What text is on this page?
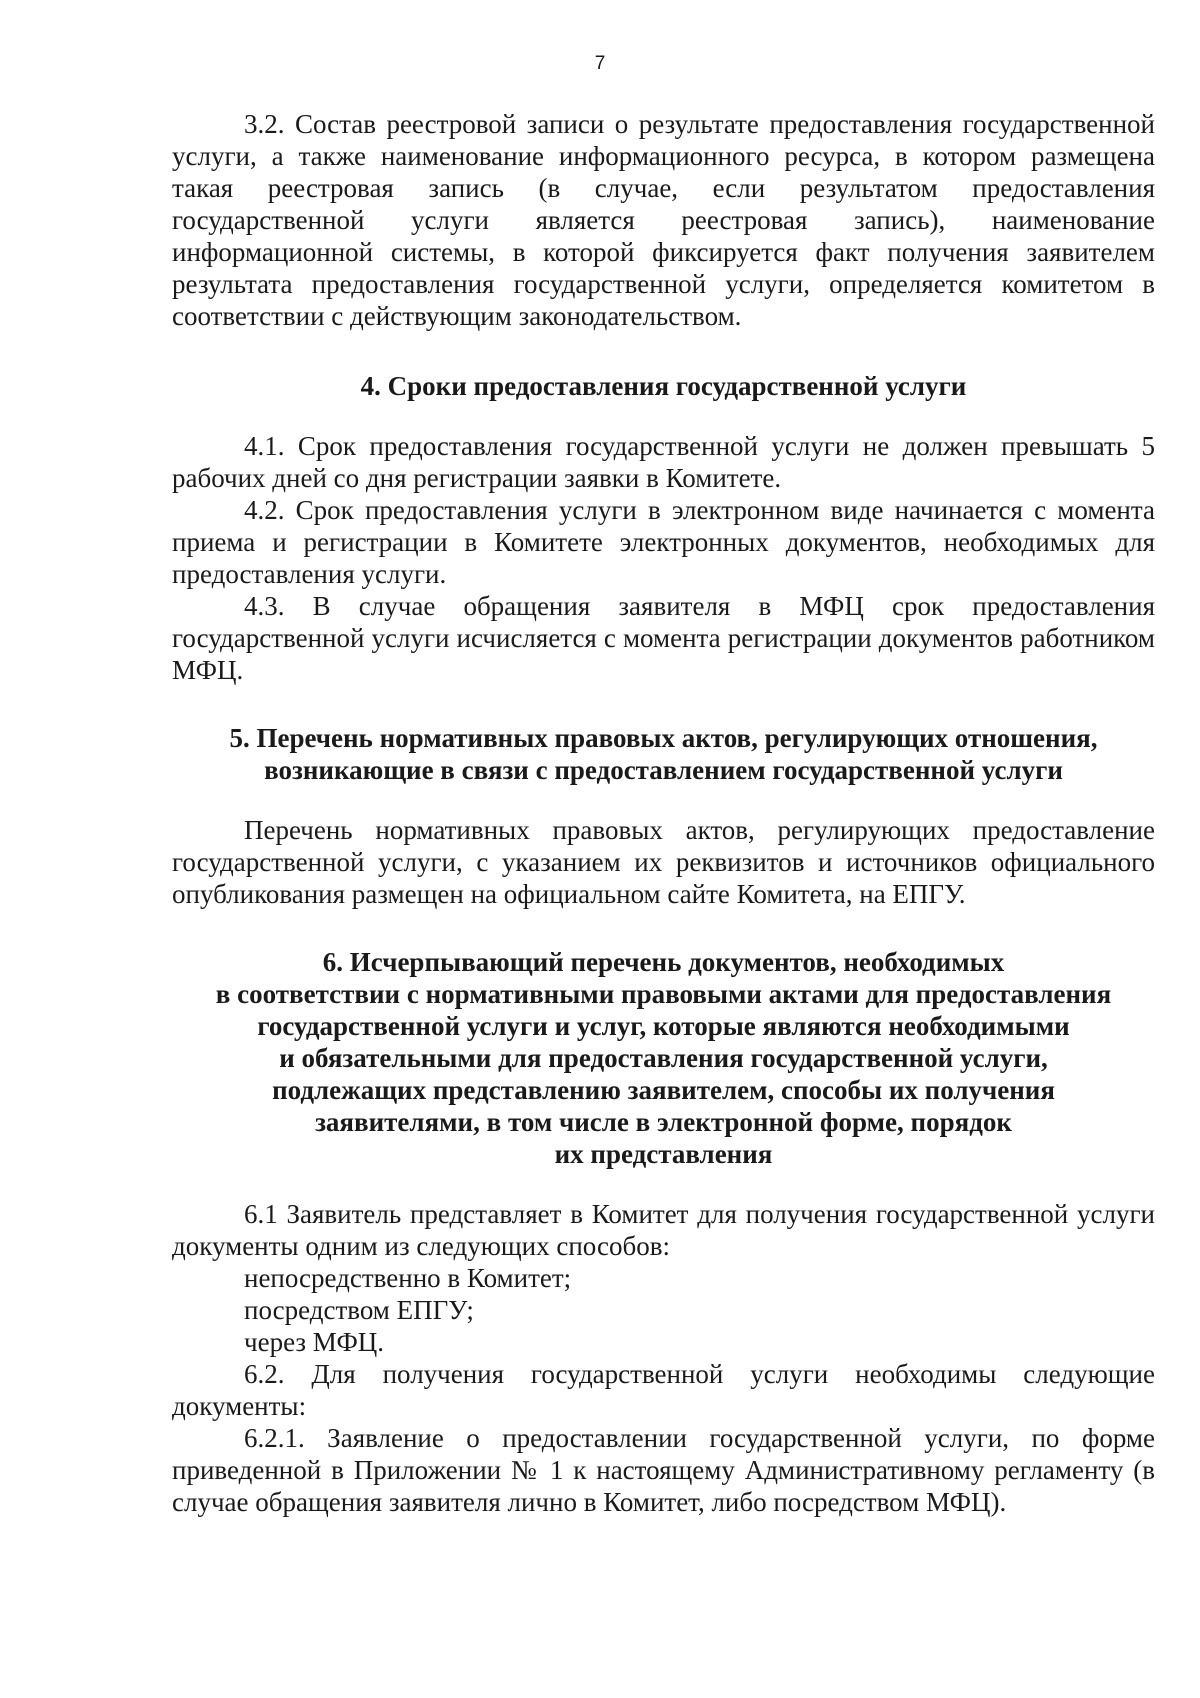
7

3.2. Состав реестровой записи о результате предоставления государственной услуги, а также наименование информационного ресурса, в котором размещена такая реестровая запись (в случае, если результатом предоставления государственной услуги является реестровая запись), наименование информационной системы, в которой фиксируется факт получения заявителем результата предоставления государственной услуги, определяется комитетом в соответствии с действующим законодательством.

4. Сроки предоставления государственной услуги

4.1. Срок предоставления государственной услуги не должен превышать 5 рабочих дней со дня регистрации заявки в Комитете.

4.2. Срок предоставления услуги в электронном виде начинается с момента приема и регистрации в Комитете электронных документов, необходимых для предоставления услуги.

4.3. В случае обращения заявителя в МФЦ срок предоставления государственной услуги исчисляется с момента регистрации документов работником МФЦ.

5. Перечень нормативных правовых актов, регулирующих отношения,
возникающие в связи с предоставлением государственной услуги

Перечень нормативных правовых актов, регулирующих предоставление государственной услуги, с указанием их реквизитов и источников официального опубликования размещен на официальном сайте Комитета, на ЕПГУ.

6. Исчерпывающий перечень документов, необходимых
в соответствии с нормативными правовыми актами для предоставления
государственной услуги и услуг, которые являются необходимыми
и обязательными для предоставления государственной услуги,
подлежащих представлению заявителем, способы их получения
заявителями, в том числе в электронной форме, порядок
их представления

6.1 Заявитель представляет в Комитет для получения государственной услуги документы одним из следующих способов:

непосредственно в Комитет;
посредством ЕПГУ;
через МФЦ.

6.2. Для получения государственной услуги необходимы следующие документы:

6.2.1. Заявление о предоставлении государственной услуги, по форме приведенной в Приложении № 1 к настоящему Административному регламенту (в случае обращения заявителя лично в Комитет, либо посредством МФЦ).
